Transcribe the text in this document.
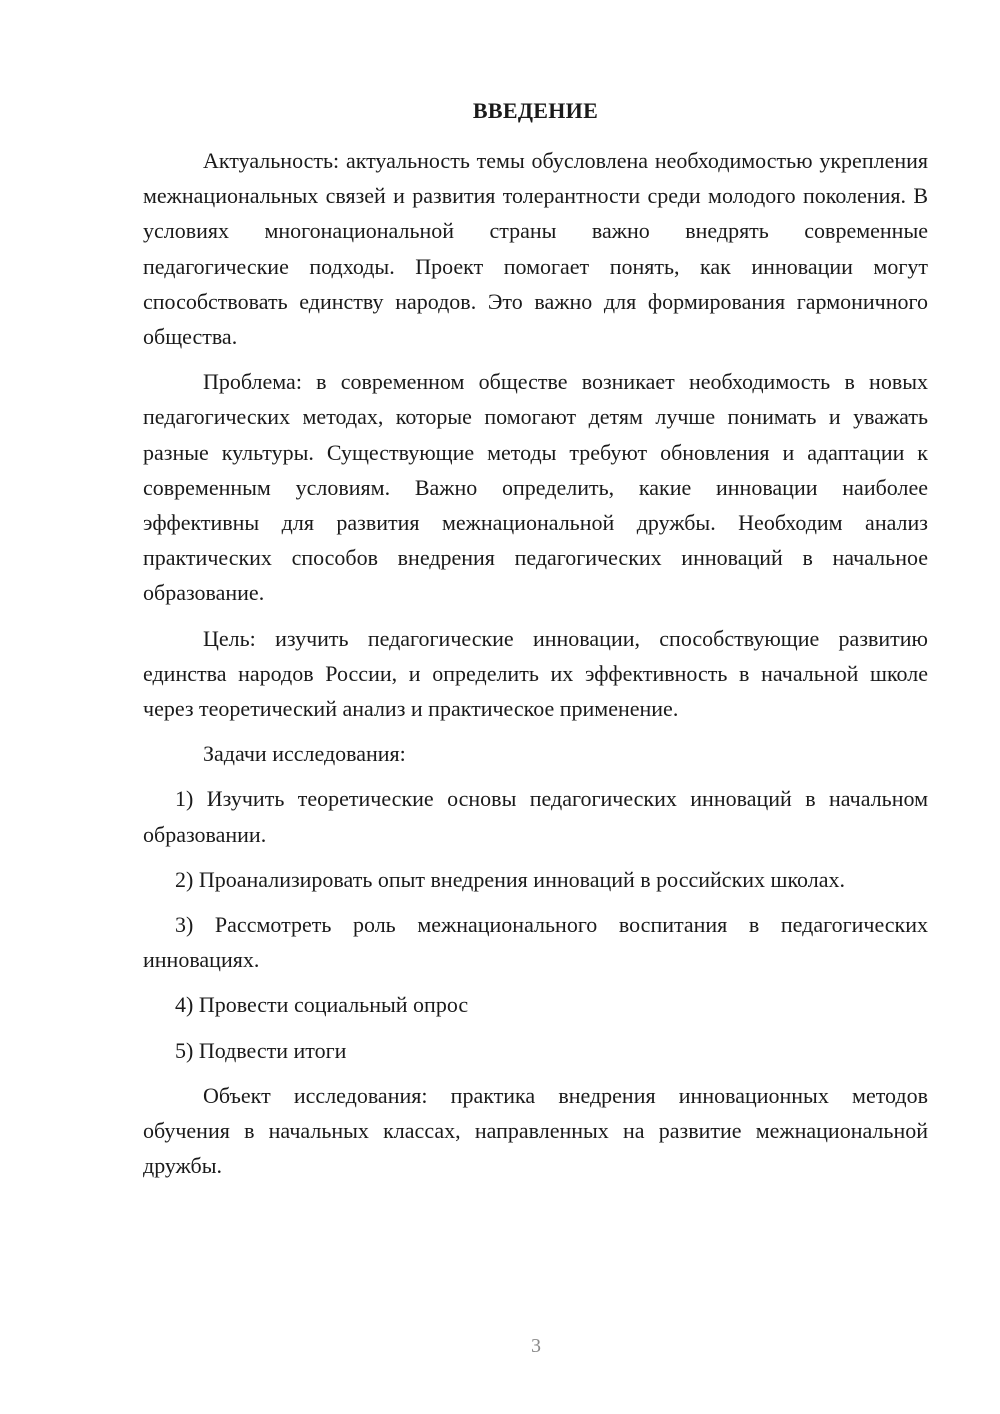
ВВЕДЕНИЕ

Актуальность: актуальность темы обусловлена необходимостью укрепления межнациональных связей и развития толерантности среди молодого поколения. В условиях многонациональной страны важно внедрять современные педагогические подходы. Проект помогает понять, как инновации могут способствовать единству народов. Это важно для формирования гармоничного общества.

Проблема: в современном обществе возникает необходимость в новых педагогических методах, которые помогают детям лучше понимать и уважать разные культуры. Существующие методы требуют обновления и адаптации к современным условиям. Важно определить, какие инновации наиболее эффективны для развития межнациональной дружбы. Необходим анализ практических способов внедрения педагогических инноваций в начальное образование.

Цель: изучить педагогические инновации, способствующие развитию единства народов России, и определить их эффективность в начальной школе через теоретический анализ и практическое применение.

Задачи исследования:

1) Изучить теоретические основы педагогических инноваций в начальном образовании.
2) Проанализировать опыт внедрения инноваций в российских школах.
3) Рассмотреть роль межнационального воспитания в педагогических инновациях.
4) Провести социальный опрос
5) Подвести итоги

Объект исследования: практика внедрения инновационных методов обучения в начальных классах, направленных на развитие межнациональной дружбы.

3
